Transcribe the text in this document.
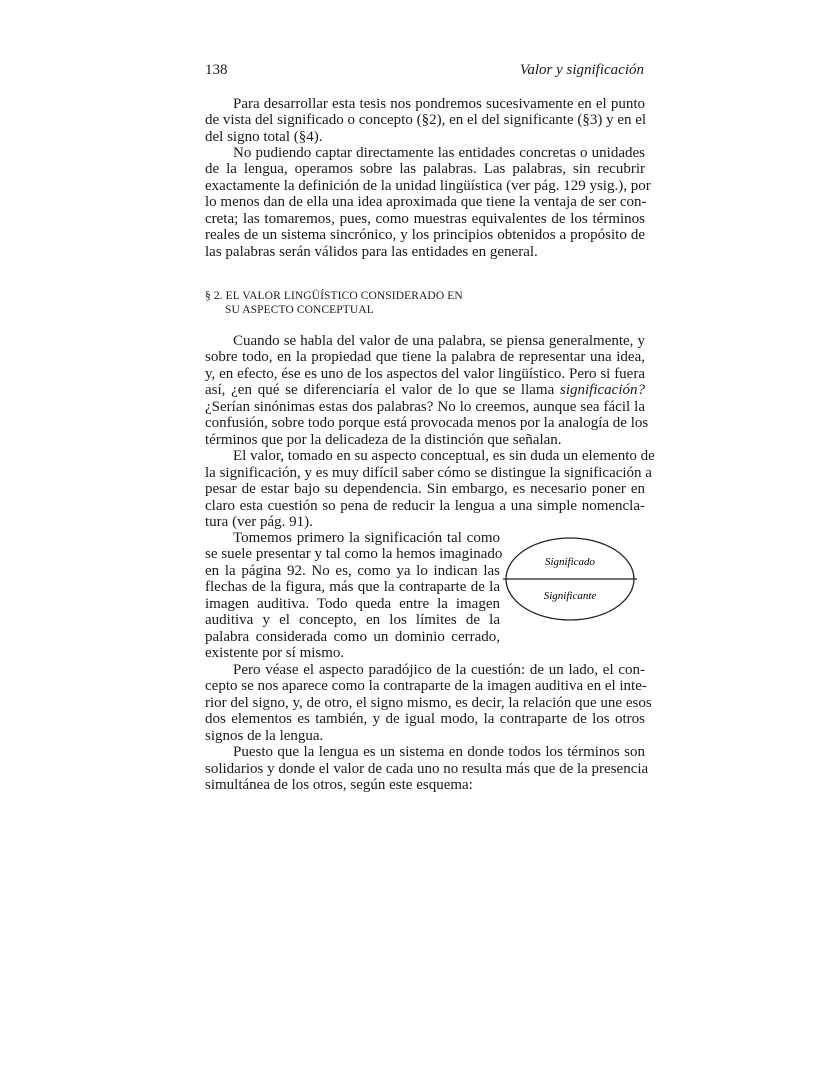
138	Valor y significación
Para desarrollar esta tesis nos pondremos sucesivamente en el punto
de vista del significado o concepto (§2), en el del significante (§3) y en el
del signo total (§4).
No pudiendo captar directamente las entidades concretas o unidades
de la lengua, operamos sobre las palabras. Las palabras, sin recubrir
exactamente la definición de la unidad lingüística (ver pág. 129 ysig.), por
lo menos dan de ella una idea aproximada que tiene la ventaja de ser con-
creta; las tomaremos, pues, como muestras equivalentes de los términos
reales de un sistema sincrónico, y los principios obtenidos a propósito de
las palabras serán válidos para las entidades en general.
§ 2. EL VALOR LINGÜÍSTICO CONSIDERADO EN
SU ASPECTO CONCEPTUAL
Cuando se habla del valor de una palabra, se piensa generalmente, y
sobre todo, en la propiedad que tiene la palabra de representar una idea,
y, en efecto, ése es uno de los aspectos del valor lingüístico. Pero si fuera
así, ¿en qué se diferenciaría el valor de lo que se llama significación?
¿Serían sinónimas estas dos palabras? No lo creemos, aunque sea fácil la
confusión, sobre todo porque está provocada menos por la analogía de los
términos que por la delicadeza de la distinción que señalan.
El valor, tomado en su aspecto conceptual, es sin duda un elemento de
la significación, y es muy difícil saber cómo se distingue la significación a
pesar de estar bajo su dependencia. Sin embargo, es necesario poner en
claro esta cuestión so pena de reducir la lengua a una simple nomencla-
tura (ver pág. 91).
Tomemos primero la significación tal como
se suele presentar y tal como la hemos imaginado
en la página 92. No es, como ya lo indican las
flechas de la figura, más que la contraparte de la
imagen auditiva. Todo queda entre la imagen
auditiva y el concepto, en los límites de la
palabra considerada como un dominio cerrado,
existente por sí mismo.
Significado
Significante
Pero véase el aspecto paradójico de la cuestión: de un lado, el con-
cepto se nos aparece como la contraparte de la imagen auditiva en el inte-
rior del signo, y, de otro, el signo mismo, es decir, la relación que une esos
dos elementos es también, y de igual modo, la contraparte de los otros
signos de la lengua.
Puesto que la lengua es un sistema en donde todos los términos son
solidarios y donde el valor de cada uno no resulta más que de la presencia
simultánea de los otros, según este esquema:
